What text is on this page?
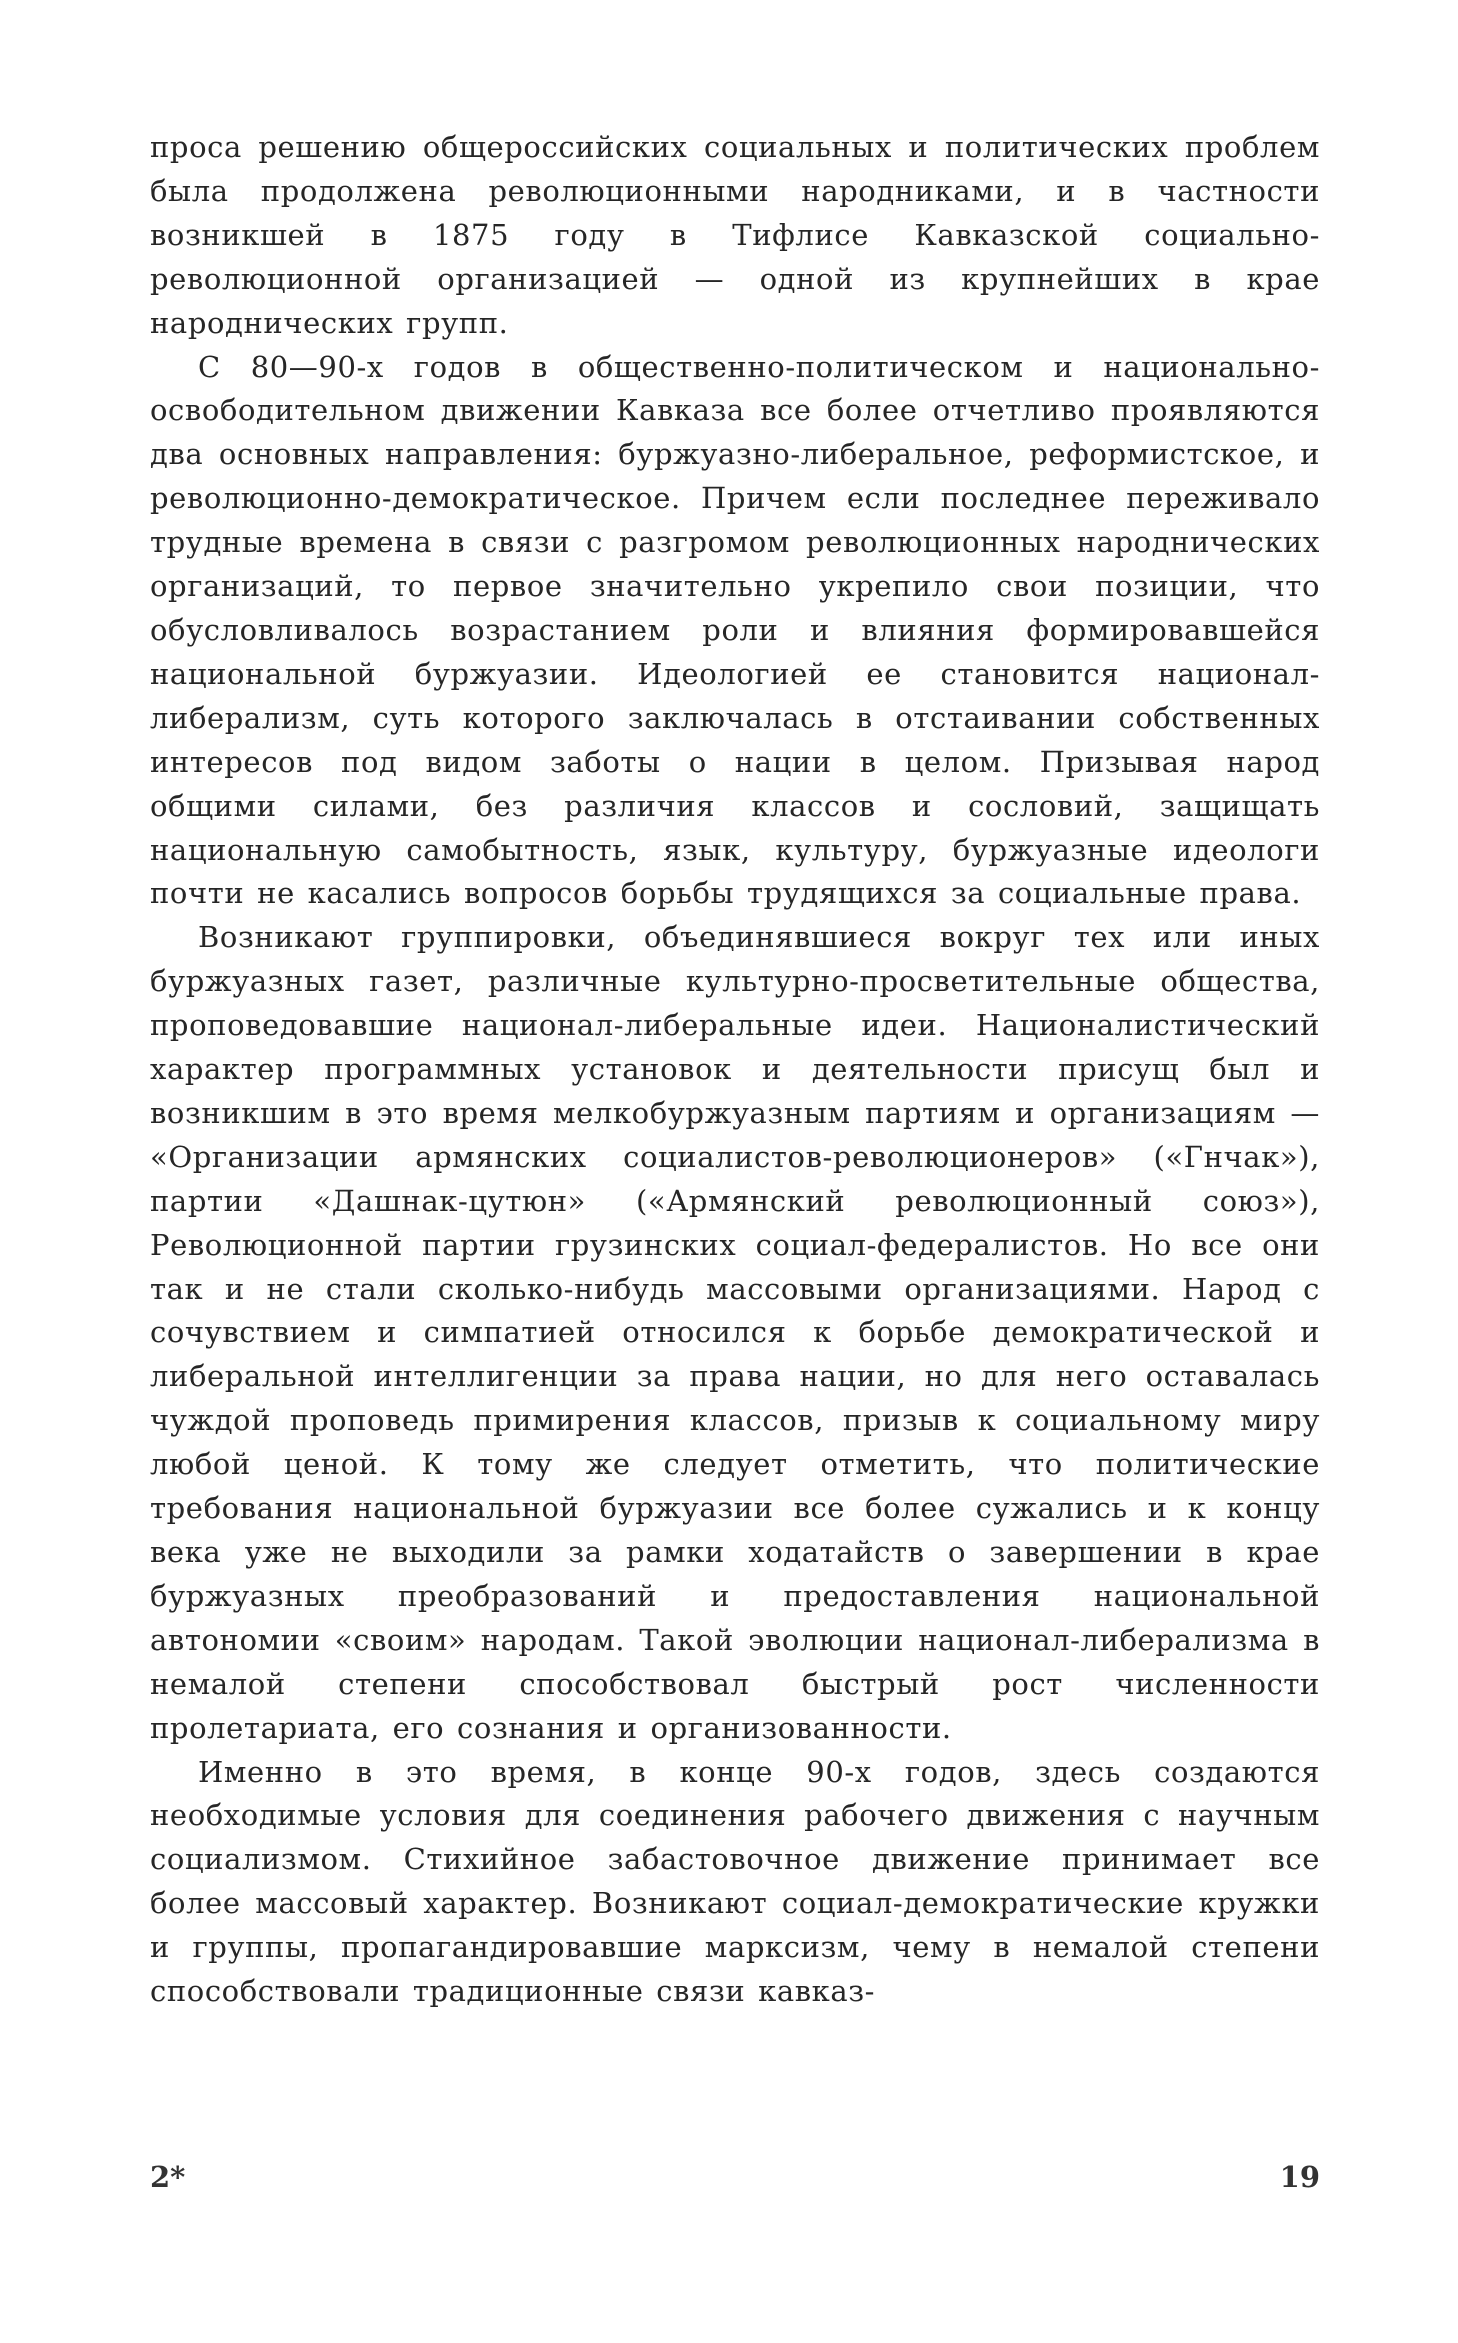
проса решению общероссийских социальных и политических проблем была продолжена революционными народниками, и в частности возникшей в 1875 году в Тифлисе Кавказской социально-революционной организацией — одной из крупнейших в крае народнических групп.

С 80—90-х годов в общественно-политическом и национально-освободительном движении Кавказа все более отчетливо проявляются два основных направления: буржуазно-либеральное, реформистское, и революционно-демократическое. Причем если последнее переживало трудные времена в связи с разгромом революционных народнических организаций, то первое значительно укрепило свои позиции, что обусловливалось возрастанием роли и влияния формировавшейся национальной буржуазии. Идеологией ее становится национал-либерализм, суть которого заключалась в отстаивании собственных интересов под видом заботы о нации в целом. Призывая народ общими силами, без различия классов и сословий, защищать национальную самобытность, язык, культуру, буржуазные идеологи почти не касались вопросов борьбы трудящихся за социальные права.

Возникают группировки, объединявшиеся вокруг тех или иных буржуазных газет, различные культурно-просветительные общества, проповедовавшие национал-либеральные идеи. Националистический характер программных установок и деятельности присущ был и возникшим в это время мелкобуржуазным партиям и организациям — «Организации армянских социалистов-революционеров» («Гнчак»), партии «Дашнак-цутюн» («Армянский революционный союз»), Революционной партии грузинских социал-федералистов. Но все они так и не стали сколько-нибудь массовыми организациями. Народ с сочувствием и симпатией относился к борьбе демократической и либеральной интеллигенции за права нации, но для него оставалась чуждой проповедь примирения классов, призыв к социальному миру любой ценой. К тому же следует отметить, что политические требования национальной буржуазии все более сужались и к концу века уже не выходили за рамки ходатайств о завершении в крае буржуазных преобразований и предоставления национальной автономии «своим» народам. Такой эволюции национал-либерализма в немалой степени способствовал быстрый рост численности пролетариата, его сознания и организованности.

Именно в это время, в конце 90-х годов, здесь создаются необходимые условия для соединения рабочего движения с научным социализмом. Стихийное забастовочное движение принимает все более массовый характер. Возникают социал-демократические кружки и группы, пропагандировавшие марксизм, чему в немалой степени способствовали традиционные связи кавказ-

2*	19
